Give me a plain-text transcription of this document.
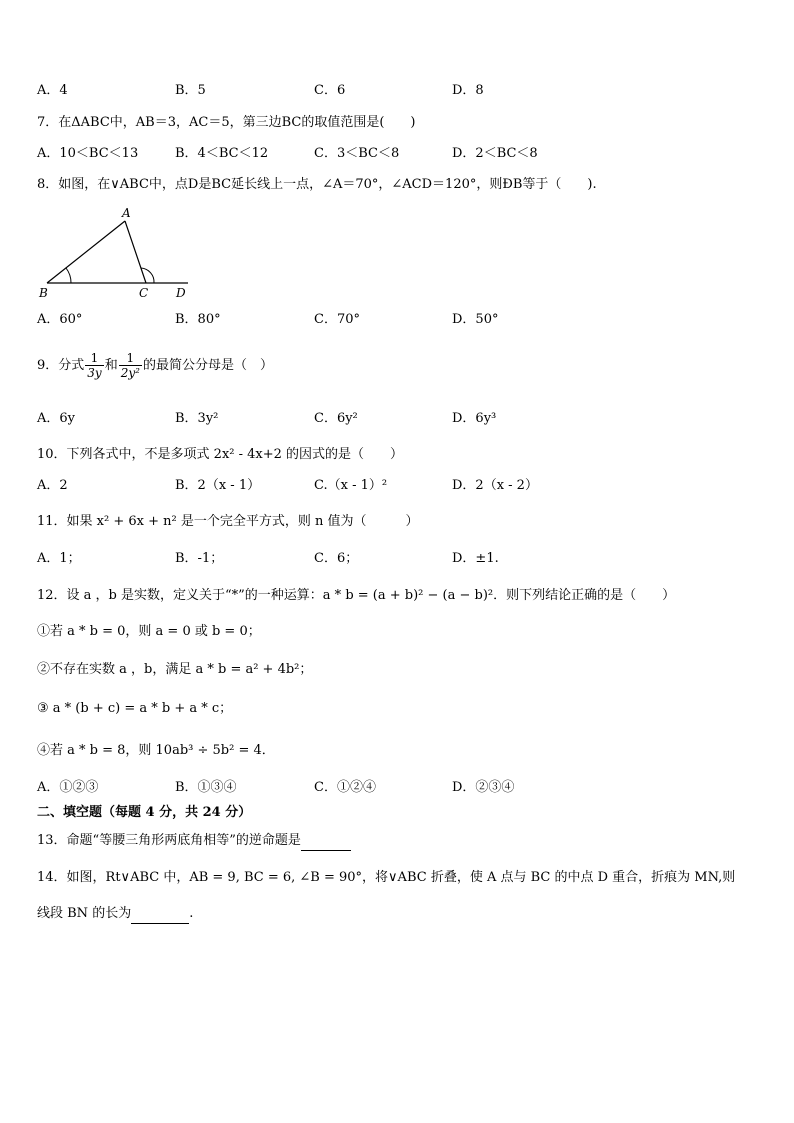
A．4	B．5	C．6	D．8
7．在ΔABC中，AB＝3，AC＝5，第三边BC的取值范围是(　　)
A．10＜BC＜13	B．4＜BC＜12	C．3＜BC＜8	D．2＜BC＜8
8．如图，在∨ABC中，点D是BC延长线上一点，∠A＝70°，∠ACD＝120°，则ÐB等于（　　).
A
B	C D
A．60°	B．80°	C．70°	D．50°
9．分式 $\frac{1}{3y}$ 和 $\frac{1}{\text{2y²}}$ 的最简公分母是（　）
A．6y	B．3y²	C．6y²	D．6y³
10．下列各式中，不是多项式 2x² - 4x+2 的因式的是（　　）
A．2	B．2（x - 1）	C.（x - 1）²	D．2（x - 2）
11．如果 x² + 6x + n² 是一个完全平方式，则 n 值为（　　　）
A．1；	B．-1；	C．6；	D．±1.
12．设 a ，b 是实数，定义关于“*”的一种运算：a * b = (a + b)² − (a − b)²．则下列结论正确的是（　　）
①若 a * b = 0，则 a = 0 或 b = 0；
②不存在实数 a ，b，满足 a * b = a² + 4b²；
③ a * (b + c) = a * b + a * c；
④若 a * b = 8，则 10ab³ ÷ 5b² = 4．
A．①②③	B．①③④	C．①②④	D．②③④
二、填空题（每题 4 分，共 24 分）
13．命题“等腰三角形两底角相等”的逆命题是
14．如图，Rt∨ABC 中，AB = 9, BC = 6, ∠B = 90°，将∨ABC 折叠，使 A 点与 BC 的中点 D 重合，折痕为 MN,则
线段 BN 的长为	.
